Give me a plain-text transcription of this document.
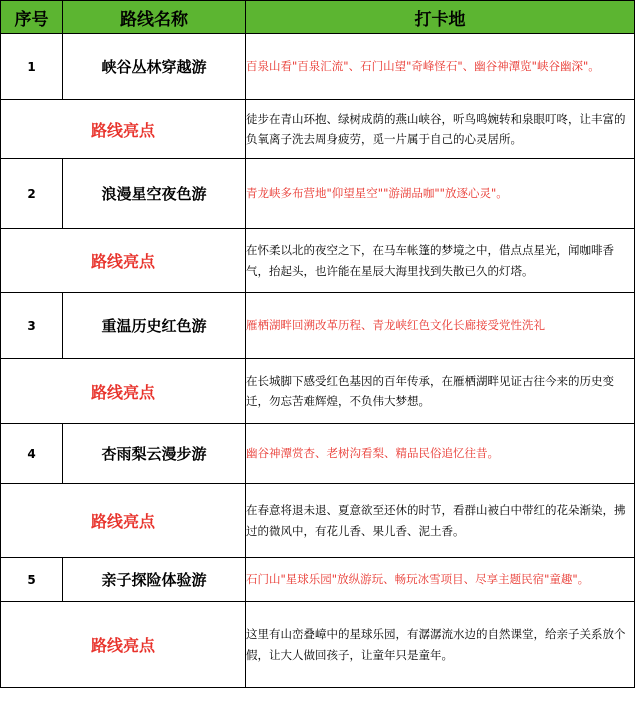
序号	路线名称	打卡地
1	峡谷丛林穿越游	百泉山看"百泉汇流"、石门山望"奇峰怪石"、幽谷神潭览"峡谷幽深"。
路线亮点		徒步在青山环抱、绿树成荫的燕山峡谷，听鸟鸣婉转和泉眼叮咚，让丰富的负氧离子洗去周身疲劳，觅一片属于自己的心灵居所。
2	浪漫星空夜色游	青龙峡多布营地"仰望星空""游湖品咖""放逐心灵"。
路线亮点		在怀柔以北的夜空之下，在马车帐篷的梦境之中，借点点星光，闻咖啡香气，抬起头，也许能在星辰大海里找到失散已久的灯塔。
3	重温历史红色游	雁栖湖畔回溯改革历程、青龙峡红色文化长廊接受党性洗礼
路线亮点		在长城脚下感受红色基因的百年传承，在雁栖湖畔见证古往今来的历史变迁，勿忘苦难辉煌，不负伟大梦想。
4	杏雨梨云漫步游	幽谷神潭赏杏、老树沟看梨、精品民俗追忆往昔。
路线亮点		在春意将退未退、夏意欲至还休的时节，看群山被白中带红的花朵渐染，拂过的微风中，有花儿香、果儿香、泥土香。
5	亲子探险体验游	石门山"星球乐园"放纵游玩、畅玩冰雪项目、尽享主题民宿"童趣"。
路线亮点		这里有山峦叠嶂中的星球乐园，有潺潺流水边的自然课堂，给亲子关系放个假，让大人做回孩子，让童年只是童年。
